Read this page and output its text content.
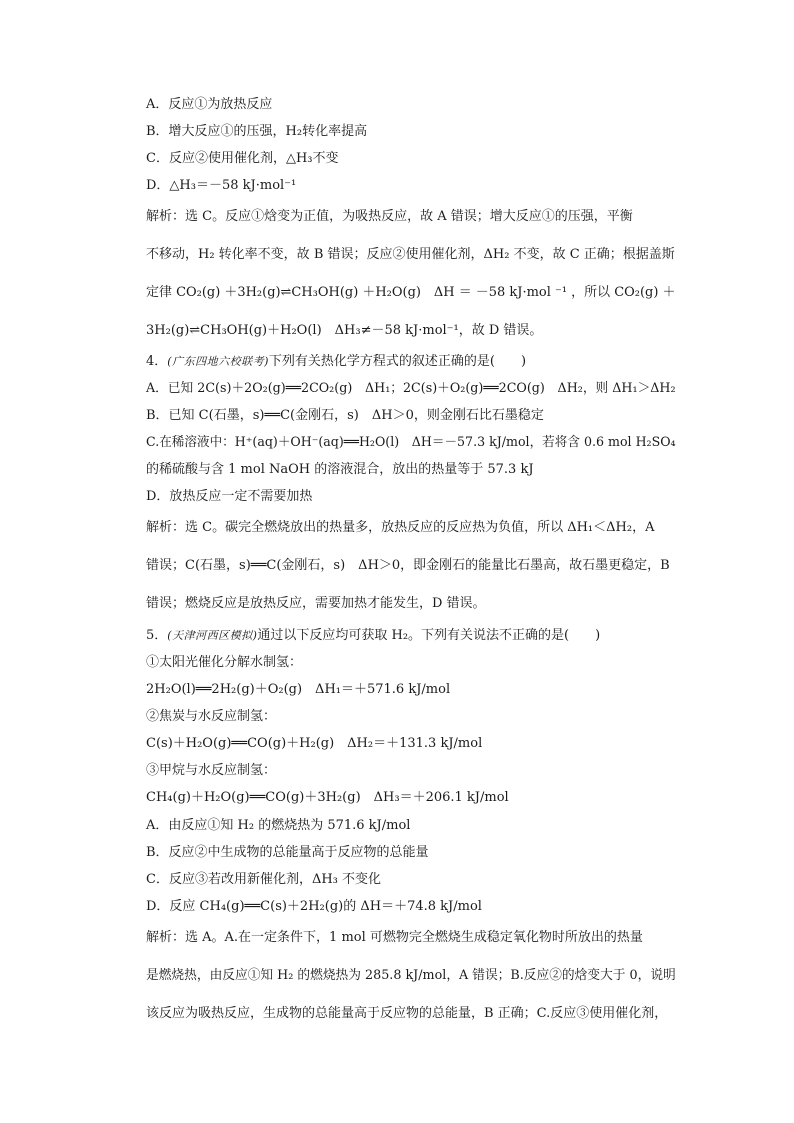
A．反应①为放热反应
B．增大反应①的压强，H₂转化率提高
C．反应②使用催化剂，△H₃不变
D．△H₃＝－58 kJ·mol⁻¹
解析：选 C。反应①焓变为正值，为吸热反应，故 A 错误；增大反应①的压强，平衡
不移动，H₂ 转化率不变，故 B 错误；反应②使用催化剂，ΔH₂ 不变，故 C 正确；根据盖斯
定律 CO₂(g) ＋3H₂(g)⇌CH₃OH(g) ＋H₂O(g)　ΔH ＝ －58 kJ·mol ⁻¹ ，所以 CO₂(g) ＋
3H₂(g)⇌CH₃OH(g)＋H₂O(l)　ΔH₃≠－58 kJ·mol⁻¹，故 D 错误。
4．(广东四地六校联考)下列有关热化学方程式的叙述正确的是(　　)
A．已知 2C(s)＋2O₂(g)══2CO₂(g)　ΔH₁；2C(s)＋O₂(g)══2CO(g)　ΔH₂，则 ΔH₁＞ΔH₂
B．已知 C(石墨，s)══C(金刚石，s)　ΔH＞0，则金刚石比石墨稳定
C.在稀溶液中：H⁺(aq)＋OH⁻(aq)══H₂O(l)　ΔH＝－57.3 kJ/mol，若将含 0.6 mol H₂SO₄
的稀硫酸与含 1 mol NaOH 的溶液混合，放出的热量等于 57.3 kJ
D．放热反应一定不需要加热
解析：选 C。碳完全燃烧放出的热量多，放热反应的反应热为负值，所以 ΔH₁＜ΔH₂，A
错误；C(石墨，s)══C(金刚石，s)　ΔH＞0，即金刚石的能量比石墨高，故石墨更稳定，B
错误；燃烧反应是放热反应，需要加热才能发生，D 错误。
5．(天津河西区模拟)通过以下反应均可获取 H₂。下列有关说法不正确的是(　　)
①太阳光催化分解水制氢：
2H₂O(l)══2H₂(g)＋O₂(g)　ΔH₁＝＋571.6 kJ/mol
②焦炭与水反应制氢：
C(s)＋H₂O(g)══CO(g)＋H₂(g)　ΔH₂＝＋131.3 kJ/mol
③甲烷与水反应制氢：
CH₄(g)＋H₂O(g)══CO(g)＋3H₂(g)　ΔH₃＝＋206.1 kJ/mol
A．由反应①知 H₂ 的燃烧热为 571.6 kJ/mol
B．反应②中生成物的总能量高于反应物的总能量
C．反应③若改用新催化剂，ΔH₃ 不变化
D．反应 CH₄(g)══C(s)＋2H₂(g)的 ΔH＝＋74.8 kJ/mol
解析：选 A。A.在一定条件下，1 mol 可燃物完全燃烧生成稳定氧化物时所放出的热量
是燃烧热，由反应①知 H₂ 的燃烧热为 285.8 kJ/mol，A 错误；B.反应②的焓变大于 0，说明
该反应为吸热反应，生成物的总能量高于反应物的总能量，B 正确；C.反应③使用催化剂，
